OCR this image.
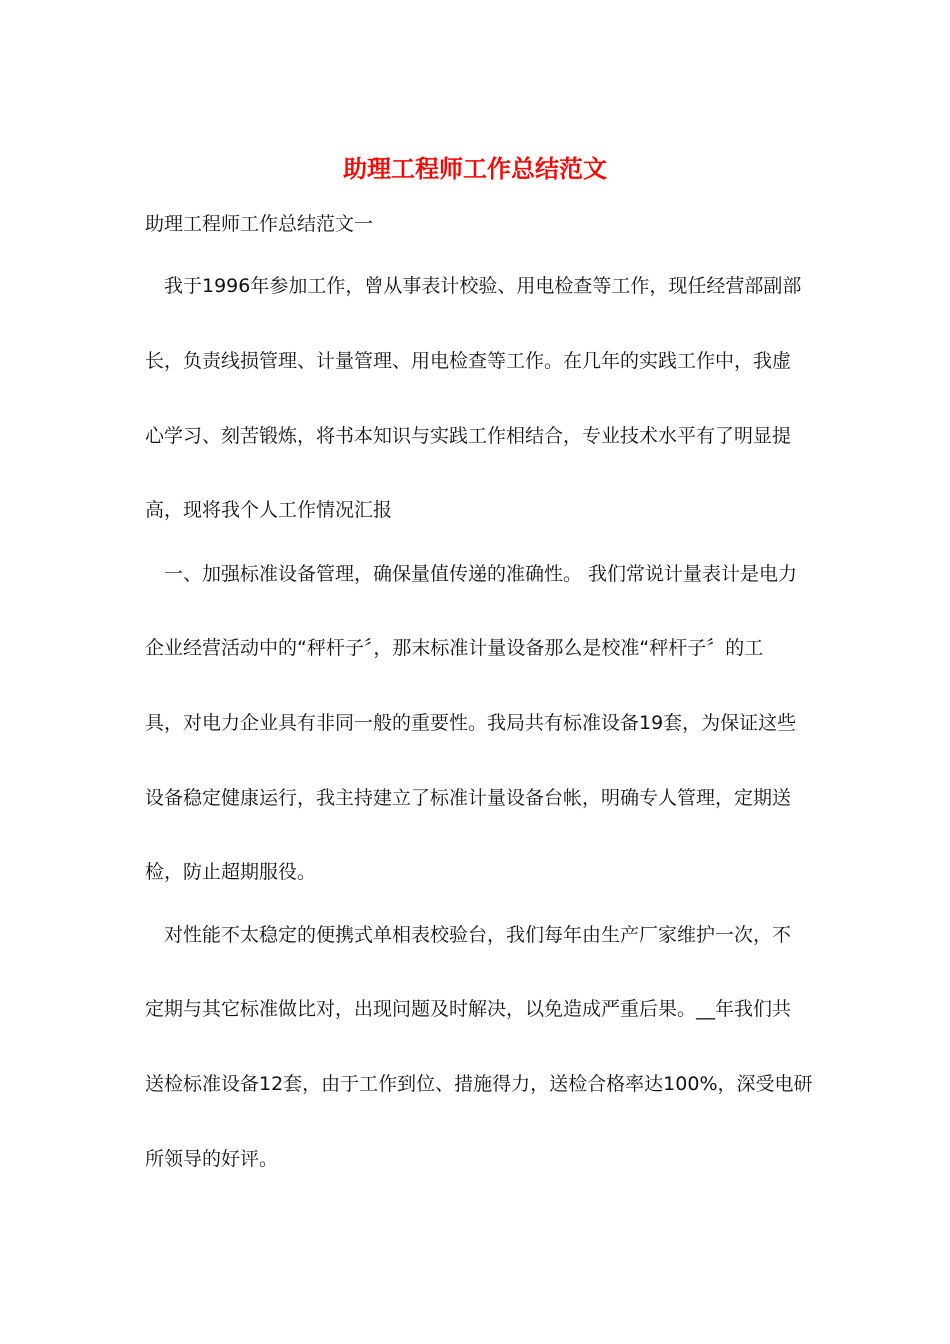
助理工程师工作总结范文

助理工程师工作总结范文一

　我于1996年参加工作，曾从事表计校验、用电检查等工作，现任经营部副部

长，负责线损管理、计量管理、用电检查等工作。在几年的实践工作中，我虚

心学习、刻苦锻炼，将书本知识与实践工作相结合，专业技术水平有了明显提

高，现将我个人工作情况汇报

　一、加强标准设备管理，确保量值传递的准确性。 我们常说计量表计是电力

企业经营活动中的“秤杆子〞，那末标准计量设备那么是校准“秤杆子〞的工

具，对电力企业具有非同一般的重要性。我局共有标准设备19套，为保证这些

设备稳定健康运行，我主持建立了标准计量设备台帐，明确专人管理，定期送

检，防止超期服役。

　对性能不太稳定的便携式单相表校验台，我们每年由生产厂家维护一次，不

定期与其它标准做比对，出现问题及时解决，以免造成严重后果。__年我们共

送检标准设备12套，由于工作到位、措施得力，送检合格率达100%，深受电研

所领导的好评。
